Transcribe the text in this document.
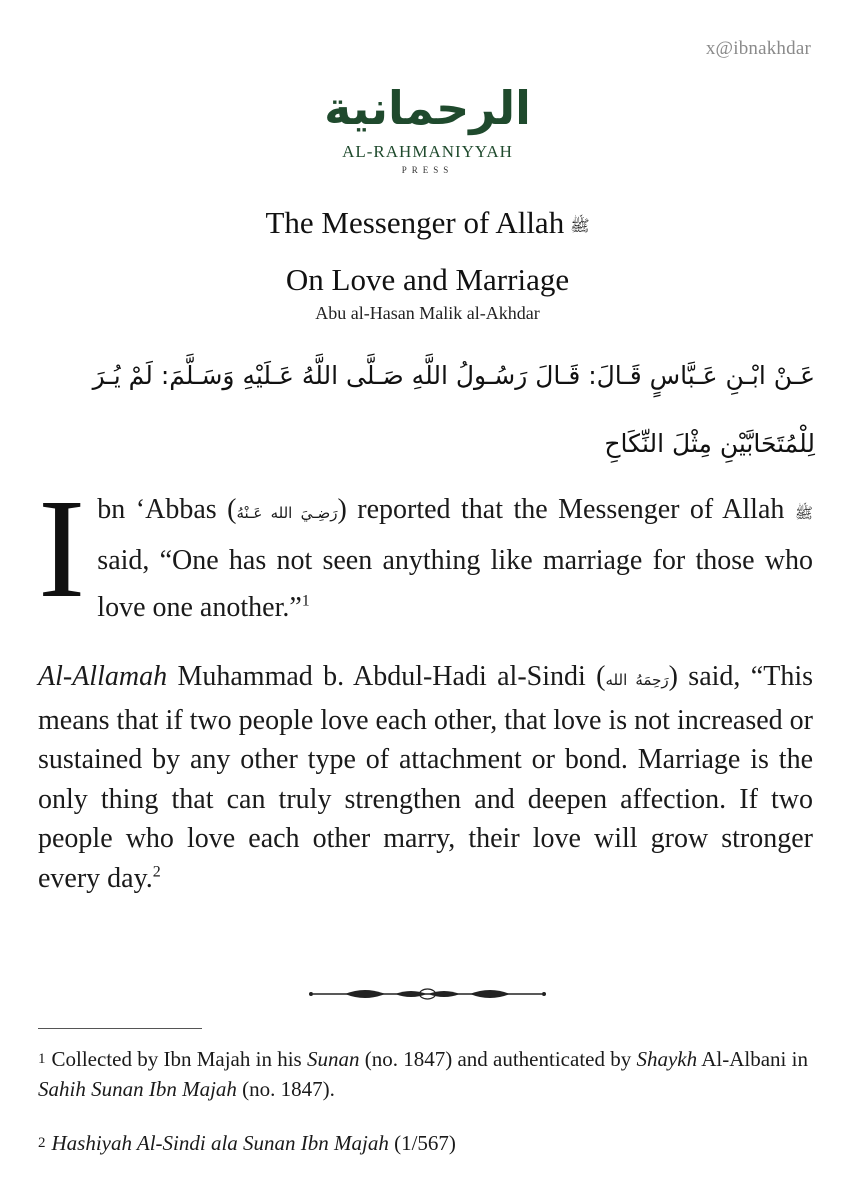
x@ibnakhdar
الرحمانية
AL-RAHMANIYYAH
PRESS
The Messenger of Allah ﷺ
On Love and Marriage
Abu al-Hasan Malik al-Akhdar
عَـنْ ابْـنِ عَـبَّاسٍ قَـالَ: قَـالَ رَسُـولُ اللَّهِ صَـلَّى اللَّهُ عَـلَيْهِ وَسَـلَّمَ: لَمْ يُـرَ لِلْمُتَحَابَّيْنِ مِثْلَ النِّكَاحِ
I bn ‘Abbas (رَضِـيَ الله عَـنْهُ) reported that the Messenger of Allah ﷺ said, “One has not seen anything like marriage for those who love one another.”$^1$

Al-Allamah Muhammad b. Abdul-Hadi al-Sindi (رَحِمَهُ الله) said, “This means that if two people love each other, that love is not increased or sustained by any other type of attachment or bond. Marriage is the only thing that can truly strengthen and deepen affection. If two people who love each other marry, their love will grow stronger every day.$^2$

$^1$ Collected by Ibn Majah in his Sunan (no. 1847) and authenticated by Shaykh Al-Albani in Sahih Sunan Ibn Majah (no. 1847).

$^2$ Hashiyah Al-Sindi ala Sunan Ibn Majah (1/567)
